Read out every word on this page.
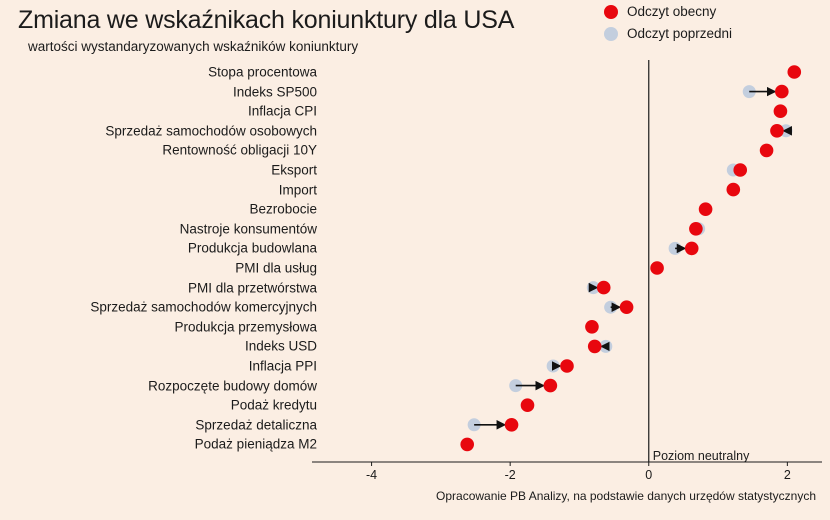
Zmiana we wskaźnikach koniunktury dla USA
wartości wystandaryzowanych wskaźników koniunktury
Odczyt obecny
Odczyt poprzedni
Stopa procentowa
Indeks SP500
Inflacja CPI
Sprzedaż samochodów osobowych
Rentowność obligacji 10Y
Eksport
Import
Bezrobocie
Nastroje konsumentów
Produkcja budowlana
PMI dla usług
PMI dla przetwórstwa
Sprzedaż samochodów komercyjnych
Produkcja przemysłowa
Indeks USD
Inflacja PPI
Rozpoczęte budowy domów
Podaż kredytu
Sprzedaż detaliczna
Podaż pieniądza M2
Poziom neutralny
Opracowanie PB Analizy, na podstawie danych urzędów statystycznych
-4	-2	0	2
